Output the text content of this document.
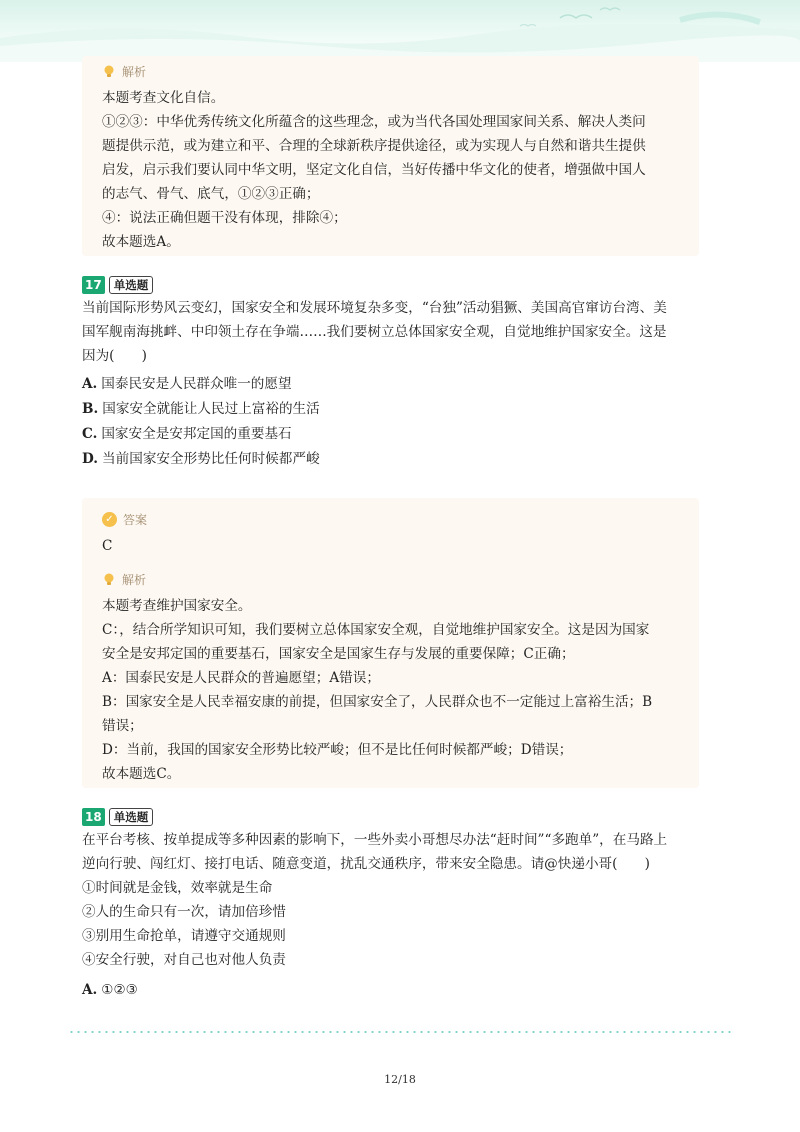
解析
本题考查文化自信。
①②③：中华优秀传统文化所蕴含的这些理念，或为当代各国处理国家间关系、解决人类问
题提供示范，或为建立和平、合理的全球新秩序提供途径，或为实现人与自然和谐共生提供
启发，启示我们要认同中华文明，坚定文化自信，当好传播中华文化的使者，增强做中国人
的志气、骨气、底气，①②③正确；
④：说法正确但题干没有体现，排除④；
故本题选A。
17	单选题
当前国际形势风云变幻，国家安全和发展环境复杂多变，“台独”活动猖獗、美国高官窜访台湾、美
国军舰南海挑衅、中印领土存在争端……我们要树立总体国家安全观，自觉地维护国家安全。这是
因为(　　)
A. 国泰民安是人民群众唯一的愿望
B. 国家安全就能让人民过上富裕的生活
C. 国家安全是安邦定国的重要基石
D. 当前国家安全形势比任何时候都严峻
✓ 答案
C
解析
本题考查维护国家安全。
C：，结合所学知识可知，我们要树立总体国家安全观，自觉地维护国家安全。这是因为国家
安全是安邦定国的重要基石，国家安全是国家生存与发展的重要保障；C正确；
A：国泰民安是人民群众的普遍愿望；A错误；
B：国家安全是人民幸福安康的前提，但国家安全了，人民群众也不一定能过上富裕生活；B
错误；
D：当前，我国的国家安全形势比较严峻；但不是比任何时候都严峻；D错误；
故本题选C。
18	单选题
在平台考核、按单提成等多种因素的影响下，一些外卖小哥想尽办法“赶时间”“多跑单”，在马路上
逆向行驶、闯红灯、接打电话、随意变道，扰乱交通秩序，带来安全隐患。请@快递小哥(　　)
①时间就是金钱，效率就是生命
②人的生命只有一次，请加倍珍惜
③别用生命抢单，请遵守交通规则
④安全行驶，对自己也对他人负责
A. ①②③
12/18
